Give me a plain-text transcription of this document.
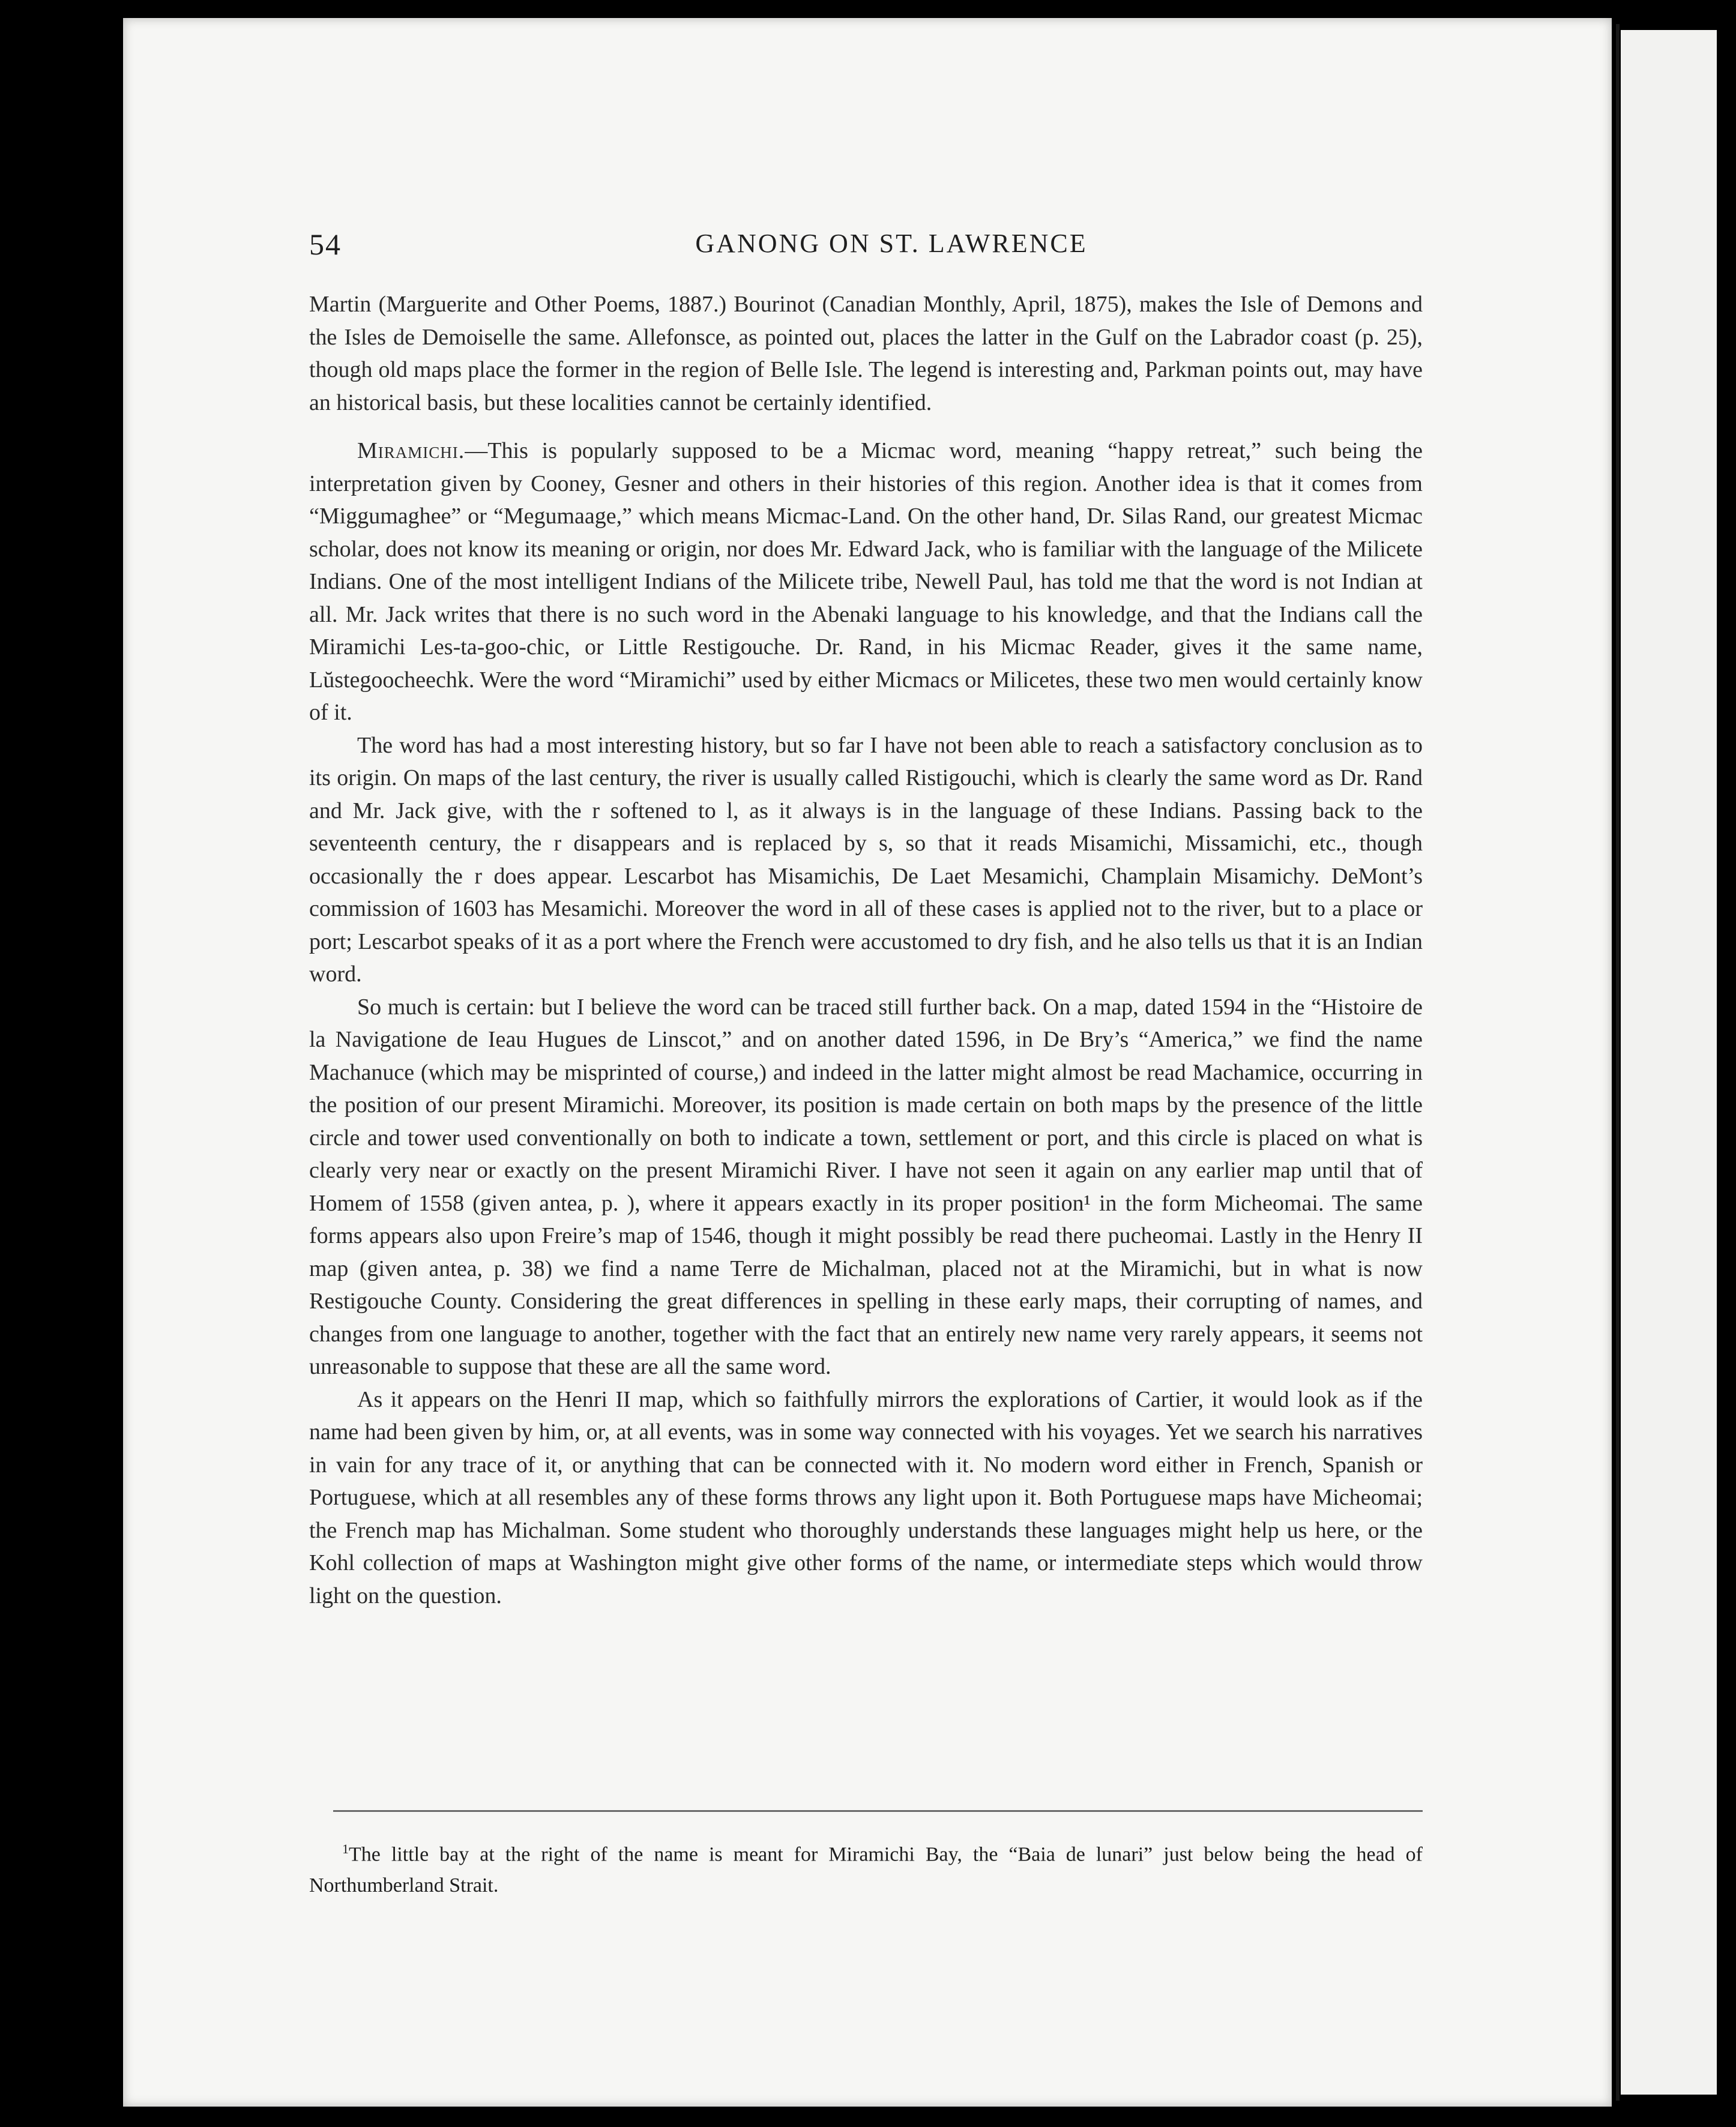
54	GANONG ON ST. LAWRENCE

Martin (Marguerite and Other Poems, 1887.) Bourinot (Canadian Monthly, April, 1875), makes the Isle of Demons and the Isles de Demoiselle the same. Allefonsce, as pointed out, places the latter in the Gulf on the Labrador coast (p. 25), though old maps place the former in the region of Belle Isle. The legend is interesting and, Parkman points out, may have an historical basis, but these localities cannot be certainly identified.

Miramichi.—This is popularly supposed to be a Micmac word, meaning “happy retreat,” such being the interpretation given by Cooney, Gesner and others in their histories of this region. Another idea is that it comes from “Miggumaghee” or “Megumaage,” which means Micmac-Land. On the other hand, Dr. Silas Rand, our greatest Micmac scholar, does not know its meaning or origin, nor does Mr. Edward Jack, who is familiar with the language of the Milicete Indians. One of the most intelligent Indians of the Milicete tribe, Newell Paul, has told me that the word is not Indian at all. Mr. Jack writes that there is no such word in the Abenaki language to his knowledge, and that the Indians call the Miramichi Les-ta-goo-chic, or Little Restigouche. Dr. Rand, in his Micmac Reader, gives it the same name, Lŭstegoocheechk. Were the word “Miramichi” used by either Micmacs or Milicetes, these two men would certainly know of it.

The word has had a most interesting history, but so far I have not been able to reach a satisfactory conclusion as to its origin. On maps of the last century, the river is usually called Ristigouchi, which is clearly the same word as Dr. Rand and Mr. Jack give, with the r softened to l, as it always is in the language of these Indians. Passing back to the seventeenth century, the r disappears and is replaced by s, so that it reads Misamichi, Missamichi, etc., though occasionally the r does appear. Lescarbot has Misamichis, De Laet Mesamichi, Champlain Misamichy. DeMont’s commission of 1603 has Mesamichi. Moreover the word in all of these cases is applied not to the river, but to a place or port; Lescarbot speaks of it as a port where the French were accustomed to dry fish, and he also tells us that it is an Indian word.

So much is certain: but I believe the word can be traced still further back. On a map, dated 1594 in the “Histoire de la Navigatione de Ieau Hugues de Linscot,” and on another dated 1596, in De Bry’s “America,” we find the name Machanuce (which may be misprinted of course,) and indeed in the latter might almost be read Machamice, occurring in the position of our present Miramichi. Moreover, its position is made certain on both maps by the presence of the little circle and tower used conventionally on both to indicate a town, settlement or port, and this circle is placed on what is clearly very near or exactly on the present Miramichi River. I have not seen it again on any earlier map until that of Homem of 1558 (given antea, p. ), where it appears exactly in its proper position¹ in the form Micheomai. The same forms appears also upon Freire’s map of 1546, though it might possibly be read there pucheomai. Lastly in the Henry II map (given antea, p. 38) we find a name Terre de Michalman, placed not at the Miramichi, but in what is now Restigouche County. Considering the great differences in spelling in these early maps, their corrupting of names, and changes from one language to another, together with the fact that an entirely new name very rarely appears, it seems not unreasonable to suppose that these are all the same word.

As it appears on the Henri II map, which so faithfully mirrors the explorations of Cartier, it would look as if the name had been given by him, or, at all events, was in some way connected with his voyages. Yet we search his narratives in vain for any trace of it, or anything that can be connected with it. No modern word either in French, Spanish or Portuguese, which at all resembles any of these forms throws any light upon it. Both Portuguese maps have Micheomai; the French map has Michalman. Some student who thoroughly understands these languages might help us here, or the Kohl collection of maps at Washington might give other forms of the name, or intermediate steps which would throw light on the question.

$^1$The little bay at the right of the name is meant for Miramichi Bay, the “Baia de lunari” just below being the head of Northumberland Strait.
